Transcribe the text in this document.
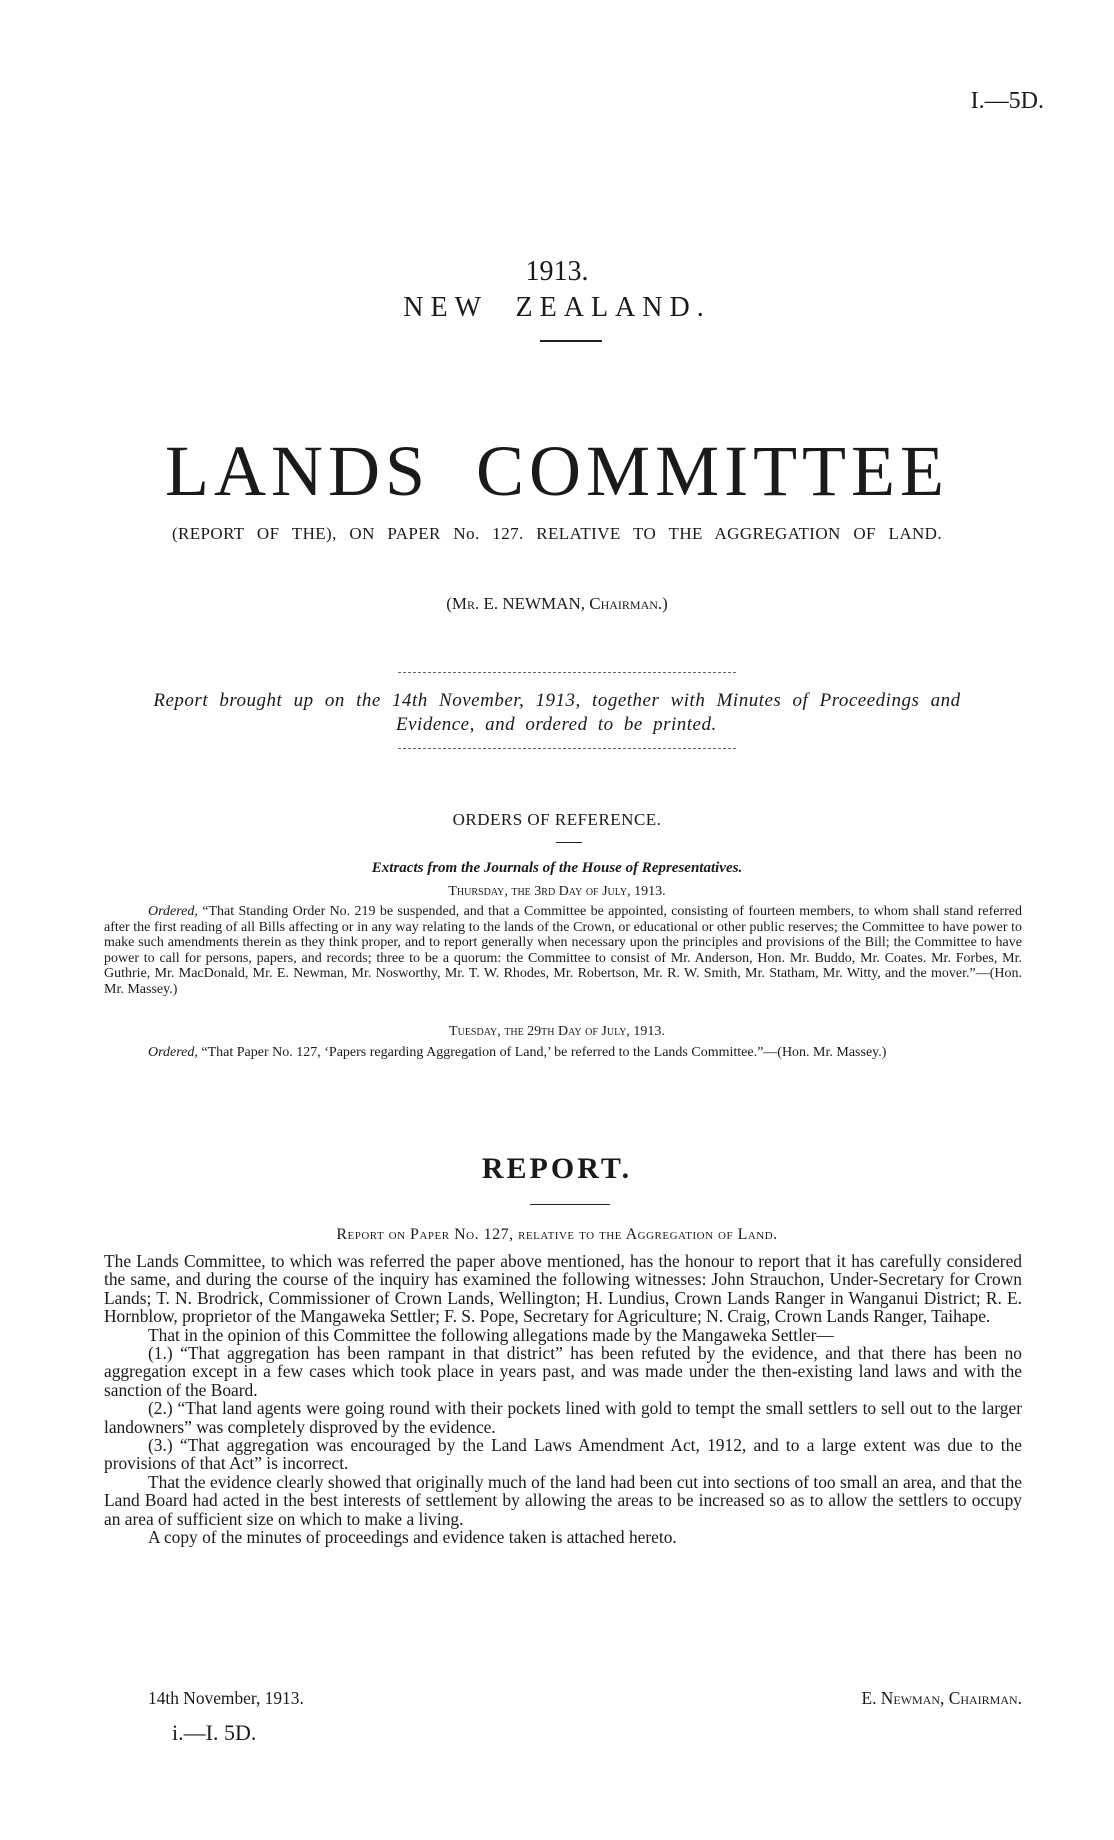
I.—5D.
1913.
NEW  ZEALAND.
LANDS  COMMITTEE
(REPORT OF THE), ON PAPER No. 127. RELATIVE TO THE AGGREGATION OF LAND.
(Mr. E. NEWMAN, Chairman.)
Report brought up on the 14th November, 1913, together with Minutes of Proceedings and
Evidence, and ordered to be printed.
ORDERS OF REFERENCE.
Extracts from the Journals of the House of Representatives.
Thursday, the 3rd Day of July, 1913.

Ordered, “That Standing Order No. 219 be suspended, and that a Committee be appointed, consisting of fourteen members, to whom shall stand referred after the first reading of all Bills affecting or in any way relating to the lands of the Crown, or educational or other public reserves; the Committee to have power to make such amendments therein as they think proper, and to report generally when necessary upon the principles and provisions of the Bill; the Committee to have power to call for persons, papers, and records; three to be a quorum: the Committee to consist of Mr. Anderson, Hon. Mr. Buddo, Mr. Coates. Mr. Forbes, Mr. Guthrie, Mr. MacDonald, Mr. E. Newman, Mr. Nosworthy, Mr. T. W. Rhodes, Mr. Robertson, Mr. R. W. Smith, Mr. Statham, Mr. Witty, and the mover.”—(Hon. Mr. Massey.)

Tuesday, the 29th Day of July, 1913.

Ordered, “That Paper No. 127, ‘Papers regarding Aggregation of Land,’ be referred to the Lands Committee.”—(Hon. Mr. Massey.)

REPORT.
Report on Paper No. 127, relative to the Aggregation of Land.

The Lands Committee, to which was referred the paper above mentioned, has the honour to report that it has carefully considered the same, and during the course of the inquiry has examined the following witnesses: John Strauchon, Under-Secretary for Crown Lands; T. N. Brodrick, Commissioner of Crown Lands, Wellington; H. Lundius, Crown Lands Ranger in Wanganui District; R. E. Hornblow, proprietor of the Mangaweka Settler; F. S. Pope, Secretary for Agriculture; N. Craig, Crown Lands Ranger, Taihape.

That in the opinion of this Committee the following allegations made by the Mangaweka Settler—

(1.) “That aggregation has been rampant in that district” has been refuted by the evidence, and that there has been no aggregation except in a few cases which took place in years past, and was made under the then-existing land laws and with the sanction of the Board.

(2.) “That land agents were going round with their pockets lined with gold to tempt the small settlers to sell out to the larger landowners” was completely disproved by the evidence.

(3.) “That aggregation was encouraged by the Land Laws Amendment Act, 1912, and to a large extent was due to the provisions of that Act” is incorrect.

That the evidence clearly showed that originally much of the land had been cut into sections of too small an area, and that the Land Board had acted in the best interests of settlement by allowing the areas to be increased so as to allow the settlers to occupy an area of sufficient size on which to make a living.

A copy of the minutes of proceedings and evidence taken is attached hereto.

14th November, 1913.	E. Newman, Chairman.
i.—I. 5D.
